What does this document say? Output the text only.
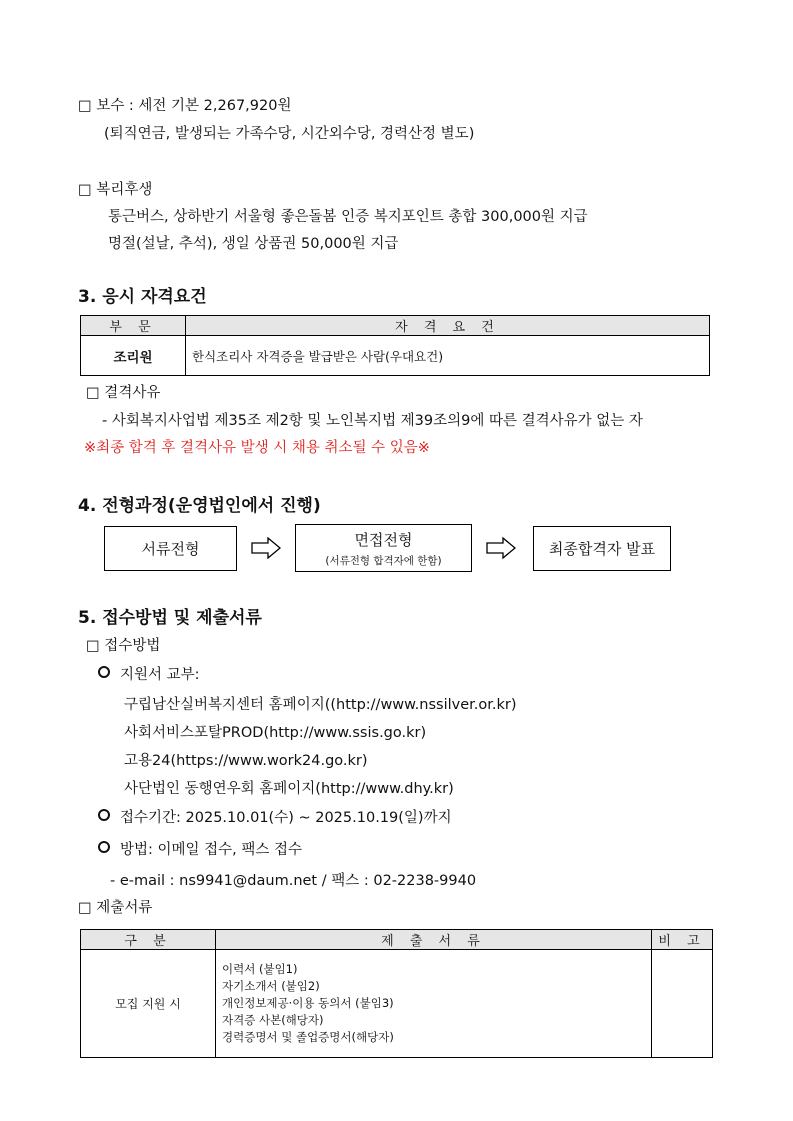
□ 보수 : 세전 기본 2,267,920원
(퇴직연금, 발생되는 가족수당, 시간외수당, 경력산정 별도)
□ 복리후생
통근버스, 상하반기 서울형 좋은돌봄 인증 복지포인트 총합 300,000원 지급
명절(설날, 추석), 생일 상품권 50,000원 지급
3. 응시 자격요건
부 문	자 격 요 건
조리원	한식조리사 자격증을 발급받은 사람(우대요건)
□ 결격사유
- 사회복지사업법 제35조 제2항 및 노인복지법 제39조의9에 따른 결격사유가 없는 자
※최종 합격 후 결격사유 발생 시 채용 취소될 수 있음※
4. 전형과정(운영법인에서 진행)
서류전형
면접전형
(서류전형 합격자에 한함)
최종합격자 발표
5. 접수방법 및 제출서류
□ 접수방법
지원서 교부:
구립남산실버복지센터 홈페이지((http://www.nssilver.or.kr)
사회서비스포탈PROD(http://www.ssis.go.kr)
고용24(https://www.work24.go.kr)
사단법인 동행연우회 홈페이지(http://www.dhy.kr)
접수기간: 2025.10.01(수) ~ 2025.10.19(일)까지
방법: 이메일 접수, 팩스 접수
- e-mail : ns9941@daum.net / 팩스 : 02-2238-9940
□ 제출서류
구 분	제 출 서 류	비 고
모집 지원 시	이력서 (붙임1)
자기소개서 (붙임2)
개인정보제공·이용 동의서 (붙임3)
자격증 사본(해당자)
경력증명서 및 졸업증명서(해당자)	
